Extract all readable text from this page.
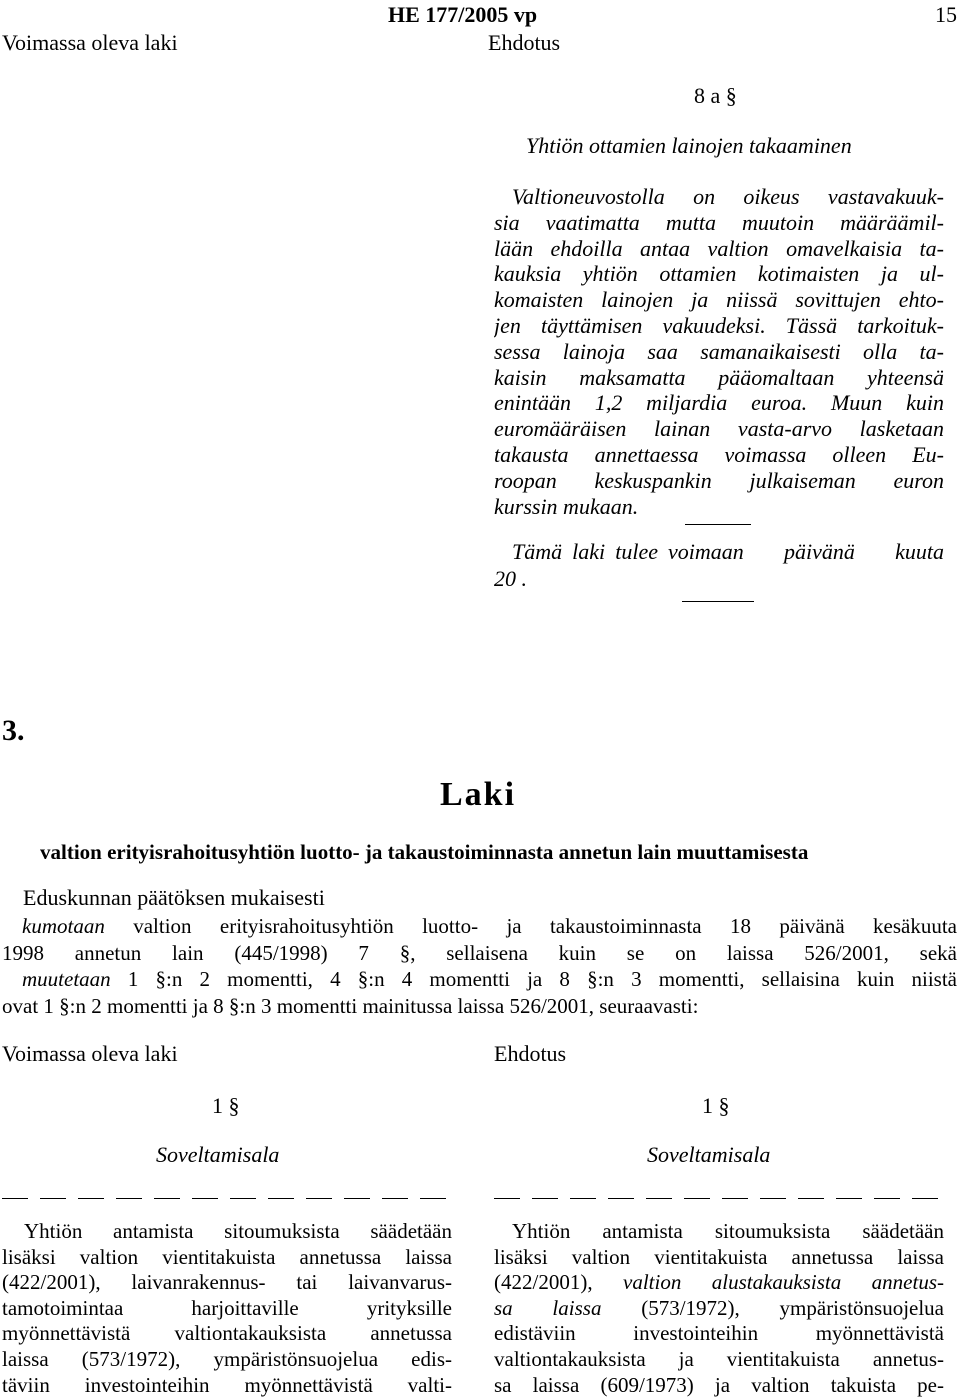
HE 177/2005 vp	15
Voimassa oleva laki	Ehdotus
8 a §
Yhtiön ottamien lainojen takaaminen
Valtioneuvostolla on oikeus vastavakuuk-
sia vaatimatta mutta muutoin määräämil-
lään ehdoilla antaa valtion omavelkaisia ta-
kauksia yhtiön ottamien kotimaisten ja ul-
komaisten lainojen ja niissä sovittujen ehto-
jen täyttämisen vakuudeksi. Tässä tarkoituk-
sessa lainoja saa samanaikaisesti olla ta-
kaisin maksamatta pääomaltaan yhteensä
enintään 1,2 miljardia euroa. Muun kuin
euromääräisen lainan vasta-arvo lasketaan
takausta annettaessa voimassa olleen Eu-
roopan keskuspankin julkaiseman euron
kurssin mukaan.
Tämä laki tulee voimaan    päivänä    kuuta
20 .
3.
Laki
valtion erityisrahoitusyhtiön luotto- ja takaustoiminnasta annetun lain muuttamisesta
Eduskunnan päätöksen mukaisesti
kumotaan valtion erityisrahoitusyhtiön luotto- ja takaustoiminnasta 18 päivänä kesäkuuta
1998 annetun lain (445/1998) 7 §, sellaisena kuin se on laissa 526/2001, sekä
muutetaan 1 §:n 2 momentti, 4 §:n 4 momentti ja 8 §:n 3 momentti, sellaisina kuin niistä
ovat 1 §:n 2 momentti ja 8 §:n 3 momentti mainitussa laissa 526/2001, seuraavasti:
Voimassa oleva laki	Ehdotus
1 §
Soveltamisala
Yhtiön antamista sitoumuksista säädetään
lisäksi valtion vientitakuista annetussa laissa
(422/2001), laivanrakennus- tai laivanvarus-
tamotoimintaa harjoittaville yrityksille
myönnettävistä valtiontakauksista annetussa
laissa (573/1972), ympäristönsuojelua edis-
täviin investointeihin myönnettävistä valti-
1 §
Soveltamisala
Yhtiön antamista sitoumuksista säädetään
lisäksi valtion vientitakuista annetussa laissa
(422/2001), valtion alustakauksista annetus-
sa laissa (573/1972), ympäristönsuojelua
edistäviin investointeihin myönnettävistä
valtiontakauksista ja vientitakuista annetus-
sa laissa (609/1973) ja valtion takuista pe-
